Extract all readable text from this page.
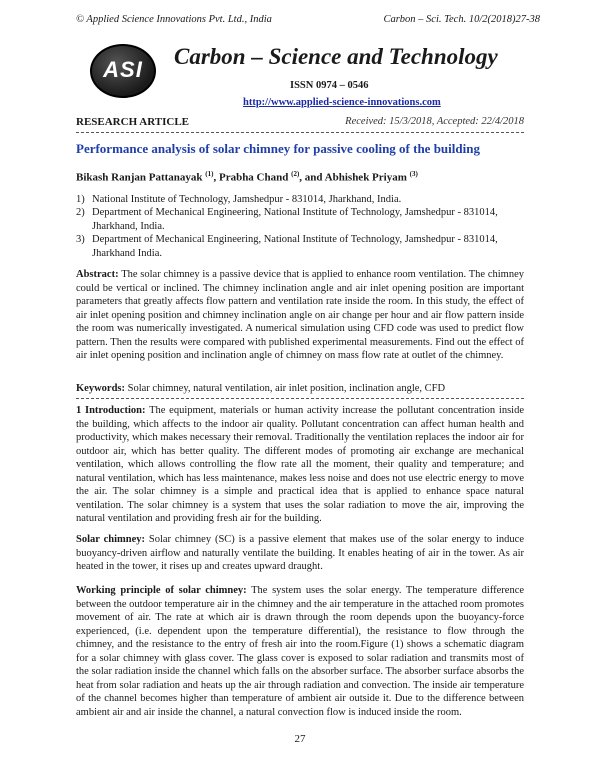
© Applied Science Innovations Pvt. Ltd., India	Carbon – Sci. Tech. 10/2(2018)27-38
ASI
Carbon – Science and Technology
ISSN 0974 – 0546
http://www.applied-science-innovations.com
RESEARCH ARTICLE	Received: 15/3/2018, Accepted: 22/4/2018
Performance analysis of solar chimney for passive cooling of the building
Bikash Ranjan Pattanayak $^{(1)}$, Prabha Chand $^{(2)}$, and Abhishek Priyam $^{(3)}$
1) National Institute of Technology, Jamshedpur - 831014, Jharkhand, India.
2) Department of Mechanical Engineering, National Institute of Technology, Jamshedpur - 831014, Jharkhand, India.
3) Department of Mechanical Engineering, National Institute of Technology, Jamshedpur - 831014, Jharkhand India.
Abstract: The solar chimney is a passive device that is applied to enhance room ventilation. The chimney could be vertical or inclined. The chimney inclination angle and air inlet opening position are important parameters that greatly affects flow pattern and ventilation rate inside the room. In this study, the effect of air inlet opening position and chimney inclination angle on air change per hour and air flow pattern inside the room was numerically investigated. A numerical simulation using CFD code was used to predict flow pattern. Then the results were compared with published experimental measurements. Find out the effect of air inlet opening position and inclination angle of chimney on mass flow rate at outlet of the chimney.
Keywords: Solar chimney, natural ventilation, air inlet position, inclination angle, CFD
1 Introduction: The equipment, materials or human activity increase the pollutant concentration inside the building, which affects to the indoor air quality. Pollutant concentration can affect human health and productivity, which makes necessary their removal. Traditionally the ventilation replaces the indoor air for outdoor air, which has better quality. The different modes of promoting air exchange are mechanical ventilation, which allows controlling the flow rate all the moment, their quality and temperature; and natural ventilation, which has less maintenance, makes less noise and does not use electric energy to move the air. The solar chimney is a simple and practical idea that is applied to enhance space natural ventilation. The solar chimney is a system that uses the solar radiation to move the air, improving the natural ventilation and providing fresh air for the building.
Solar chimney: Solar chimney (SC) is a passive element that makes use of the solar energy to induce buoyancy-driven airflow and naturally ventilate the building. It enables heating of air in the tower. As air heated in the tower, it rises up and creates upward draught.
Working principle of solar chimney: The system uses the solar energy. The temperature difference between the outdoor temperature air in the chimney and the air temperature in the attached room promotes movement of air. The rate at which air is drawn through the room depends upon the buoyancy-force experienced, (i.e. dependent upon the temperature differential), the resistance to flow through the chimney, and the resistance to the entry of fresh air into the room.Figure (1) shows a schematic diagram for a solar chimney with glass cover. The glass cover is exposed to solar radiation and transmits most of the solar radiation inside the channel which falls on the absorber surface. The absorber surface absorbs the heat from solar radiation and heats up the air through radiation and convection. The inside air temperature of the channel becomes higher than temperature of ambient air outside it. Due to the difference between ambient air and air inside the channel, a natural convection flow is induced inside the room.
27
